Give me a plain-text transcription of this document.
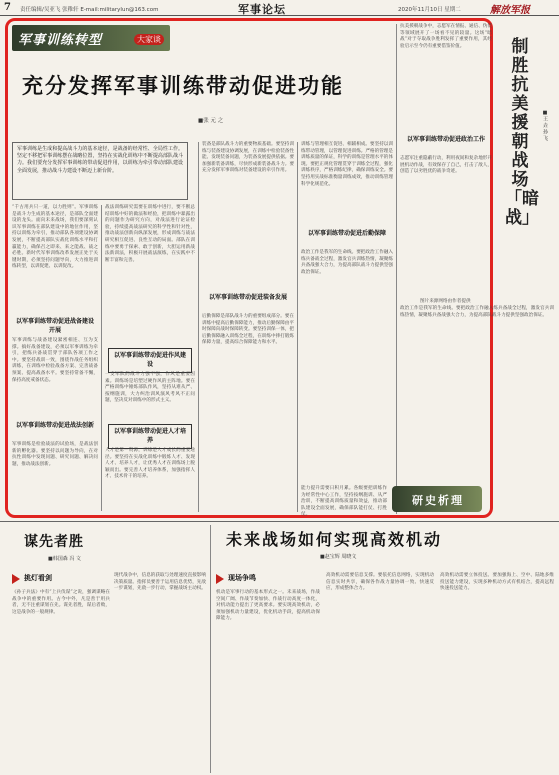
7 责任编辑/吴亚飞 张稚轩 E-mail:militarylun@163.com	军事论坛	2020年11月10日 星期二	解放军报
军事训练转型	大家谈
充分发挥军事训练带动促进功能
■张 元 之
军事训练是生成和提高战斗力的基本途径，是战备的经常性、全局性工作。坚定不移把军事训练摆在战略位置，坚持在实战化训练中不断提高部队战斗力。我们要充分发挥军事训练的带动促进作用，以训练为牵引带动部队建设全面发展，推动战斗力建设不断迈上新台阶。
“千古用兵只一道，以力胜则”。军事训练是战斗力生成的基本途径，是部队全面建设的龙头。面向未来战场，我们要深刻认识军事训练在部队建设中的地位作用，坚持以训练为牵引，推动部队各项建设协调发展，不断提高部队实战化训练水平和打赢能力，确保召之即来、来之能战、战之必胜。新时代军事训练改革发展正处于关键时期，必须坚持问题导向，大力推进训练转型，以训促建、以训促改。
以军事训练带动促进战备建设开展
军事训练与战备建设紧密相连、互为支撑。搞好战备建设，必须以军事训练为牵引，把练兵备战贯穿于部队各项工作之中。要坚持战训一致，围绕作战任务组织训练，在训练中检验战备方案、完善战备预案、提高战备水平。要坚持常备不懈，保持高度戒备状态。
以军事训练带动促进战法创新
军事训练是检验战法的试验场，是战法创新的孵化器。要坚持以问题为导向，在对抗性训练中发现问题、研究问题、解决问题，推动战法创新。
战法训练研究需要在训练中进行，要不断总结训练中好的做法和经验，把训练中暴露出的问题作为研究方向，对战法进行论证检验，持续提高战法研究的科学性和针对性，推动战法创新向纵深发展，形成训练与战法研究相互促进、良性互动的局面。部队在训练中要勇于探索、敢于创新，大胆运用新战法新训法，积极开展战法演练，在实践中不断丰富和完善。
以军事训练带动促进作风建设
一支军队的战斗力强不强，作风是重要因素。训练场是培塑过硬作风的主阵地。要在严格训练中锤炼部队作风，坚持从难从严、按纲施训，大力纠治训风演风考风不正问题，坚决反对训练中的形式主义。
以军事训练带动促进人才培养
人才是第一资源，训练是人才成长的重要途径。要坚持在实战化训练中锻炼人才、发现人才、培养人才，让优秀人才在训练场上脱颖而出。要完善人才培养体系，加强指挥人才、技术骨干的培养。
装备是部队战斗力的重要物质基础。要坚持训练与装备建设协调发展，在训练中检验装备性能、发现装备问题，为装备发展提供依据。要加强新装备训练，尽快形成新装备战斗力。要充分发挥军事训练对装备建设的牵引作用。
以军事训练带动促进装备发展
后勤保障是部队战斗力的重要组成部分。要在训练中提高后勤保障能力，推动后勤保障由平时保障向战时保障转变。要坚持训保一体，把后勤保障融入训练全过程，在训练中摔打锻炼保障力量，提高综合保障能力和水平。
训练与管理相互促进、相辅相成。要坚持以训练带动管理，以管理促进训练。严格的管理是训练质量的保证，科学的训练是管理水平的体现。要把正规化管理贯穿于训练全过程，强化训练秩序，严格训练纪律，确保训练安全。要坚持用实战标准衡量训练成效，推动训练管理科学化规范化。
以军事训练带动促进后勤保障
政治工作是我军的生命线。要把政治工作融入练兵备战全过程，激发官兵训练热情，凝聚练兵备战强大合力，为提高部队战斗力提供坚强政治保证。
能力提升需要日积月累。各级要把训练作为经常性中心工作，坚持按纲施训、从严治训，不断提高训练质量和效益，推动部队建设全面发展，确保部队能打仗、打胜仗。
抗美援朝战争中，志愿军在情报、通信、伪装等领域展开了一场看不见的较量。这场“暗战”对于夺取战争胜利发挥了重要作用，其经验启示至今仍有重要借鉴价值。
以军事训练带动促进政治工作
志愿军注重隐蔽行动，利用夜间和复杂地形开展机动作战，有效保存了自己，打击了敌人，创造了以劣胜优的战争奇迹。
图片来源网络由作者提供
政治工作是我军的生命线。要把政治工作融入练兵备战全过程，激发官兵训练热情，凝聚练兵备战强大合力，为提高部队战斗力提供坚强政治保证。
制胜抗美援朝战场「暗战」
■王 垚 孙 飞
研史析理
谋先者胜
■韩国森 冯 文
挑灯看剑
《孙子兵法》中有“上兵伐谋”之说，强调谋略在战争中的重要作用。古今中外，凡是善于用兵者，无不注重谋划在先。谋先者胜，谋后者败，这是战争的一般规律。
现代战争中，信息的获取与处理速度直接影响决策质量。指挥员要善于运用信息优势，先敌一步谋划，先敌一步行动，掌握战场主动权。
未来战场如何实现高效机动
■赵宝辉 周晓文
现场争鸣
机动是军事行动的基本形式之一。未来战场，作战空间广阔、作战节奏加快、作战行动高度一体化，对机动能力提出了更高要求。要实现高效机动，必须加强机动力量建设，优化机动手段，提高机动保障能力。
高效机动需要信息支撑。要依托信息网络，实现机动信息实时共享，确保各作战力量协调一致、快速反应，形成整体合力。
高效机动需要立体投送。要加强海上、空中、陆地多维投送能力建设，实现多种机动方式有机结合，提高远程快速投送能力。
